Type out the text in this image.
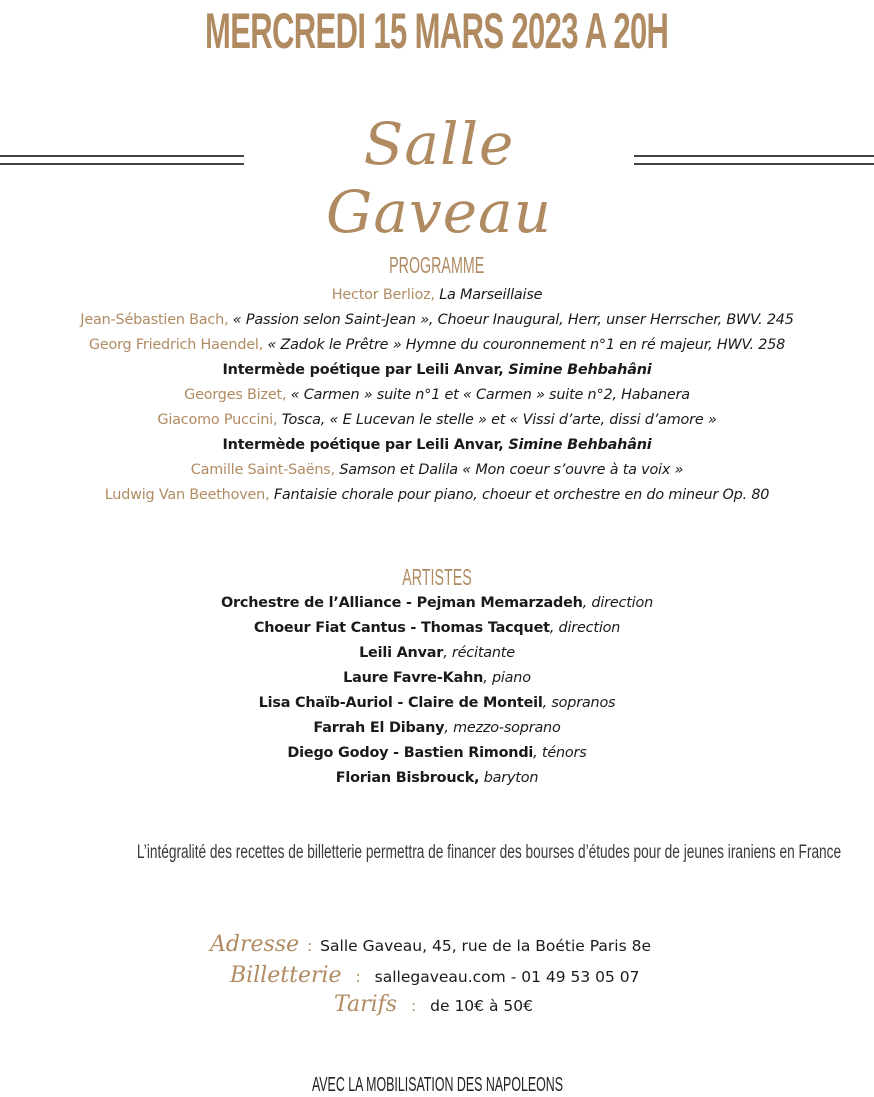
MERCREDI 15 MARS 2023 A 20H
Salle Gaveau
PROGRAMME
Hector Berlioz, La Marseillaise
Jean-Sébastien Bach, « Passion selon Saint-Jean », Choeur Inaugural, Herr, unser Herrscher, BWV. 245
Georg Friedrich Haendel, « Zadok le Prêtre » Hymne du couronnement n°1 en ré majeur, HWV. 258
Intermède poétique par Leili Anvar, Simine Behbahâni
Georges Bizet, « Carmen » suite n°1 et « Carmen » suite n°2, Habanera
Giacomo Puccini, Tosca, « E Lucevan le stelle » et « Vissi d’arte, dissi d’amore »
Intermède poétique par Leili Anvar, Simine Behbahâni
Camille Saint-Saëns, Samson et Dalila « Mon coeur s’ouvre à ta voix »
Ludwig Van Beethoven, Fantaisie chorale pour piano, choeur et orchestre en do mineur Op. 80
ARTISTES
Orchestre de l’Alliance - Pejman Memarzadeh, direction
Choeur Fiat Cantus - Thomas Tacquet, direction
Leili Anvar, récitante
Laure Favre-Kahn, piano
Lisa Chaïb-Auriol - Claire de Monteil, sopranos
Farrah El Dibany, mezzo-soprano
Diego Godoy - Bastien Rimondi, ténors
Florian Bisbrouck, baryton
L’intégralité des recettes de billetterie permettra de financer des bourses d’études pour de jeunes iraniens en France
Adresse : Salle Gaveau, 45, rue de la Boétie Paris 8e
Billetterie : sallegaveau.com - 01 49 53 05 07
Tarifs : de 10€ à 50€
AVEC LA MOBILISATION DES NAPOLEONS
